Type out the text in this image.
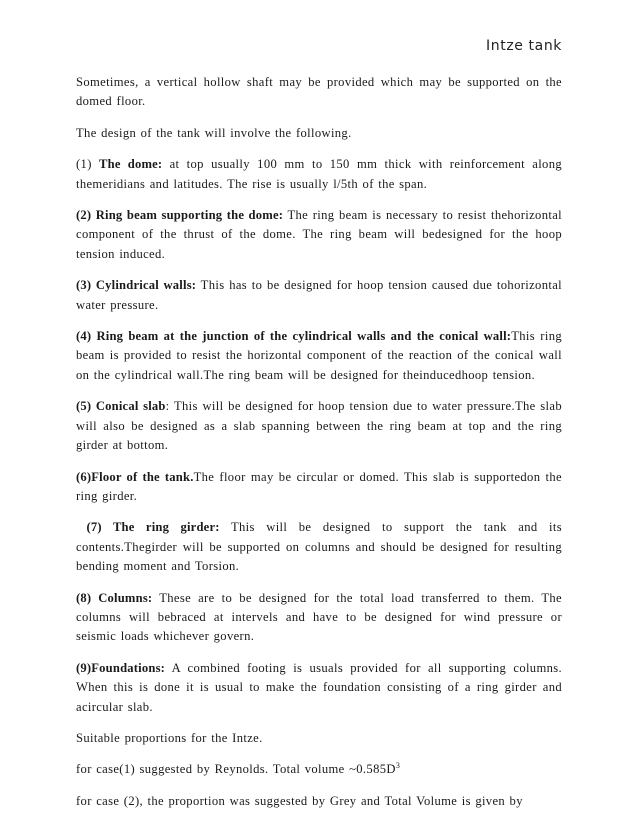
Intze tank

Sometimes, a vertical hollow shaft may be provided which may be supported on the domed floor.

The design of the tank will involve the following.

(1) The dome: at top usually 100 mm to 150 mm thick with reinforcement along themeridians and latitudes. The rise is usually l/5th of the span.

(2) Ring beam supporting the dome: The ring beam is necessary to resist thehorizontal component of the thrust of the dome. The ring beam will bedesigned for the hoop tension induced.

(3) Cylindrical walls: This has to be designed for hoop tension caused due tohorizontal water pressure.

(4) Ring beam at the junction of the cylindrical walls and the conical wall:This ring beam is provided to resist the horizontal component of the reaction of the conical wall on the cylindrical wall.The ring beam will be designed for theinducedhoop tension.

(5) Conical slab: This will be designed for hoop tension due to water pressure.The slab will also be designed as a slab spanning between the ring beam at top and the ring girder at bottom.

(6)Floor of the tank.The floor may be circular or domed. This slab is supportedon the ring girder.

(7) The ring girder: This will be designed to support the tank and its contents.Thegirder will be supported on columns and should be designed for resulting bending moment and Torsion.

(8) Columns: These are to be designed for the total load transferred to them. The columns will bebraced at intervels and have to be designed for wind pressure or seismic loads whichever govern.

(9)Foundations: A combined footing is usuals provided for all supporting columns. When this is done it is usual to make the foundation consisting of a ring girder and acircular slab.

Suitable proportions for the Intze.

for case(1) suggested by Reynolds. Total volume $\sim 0.585D^3$

for case (2), the proportion was suggested by Grey and Total Volume is given by
